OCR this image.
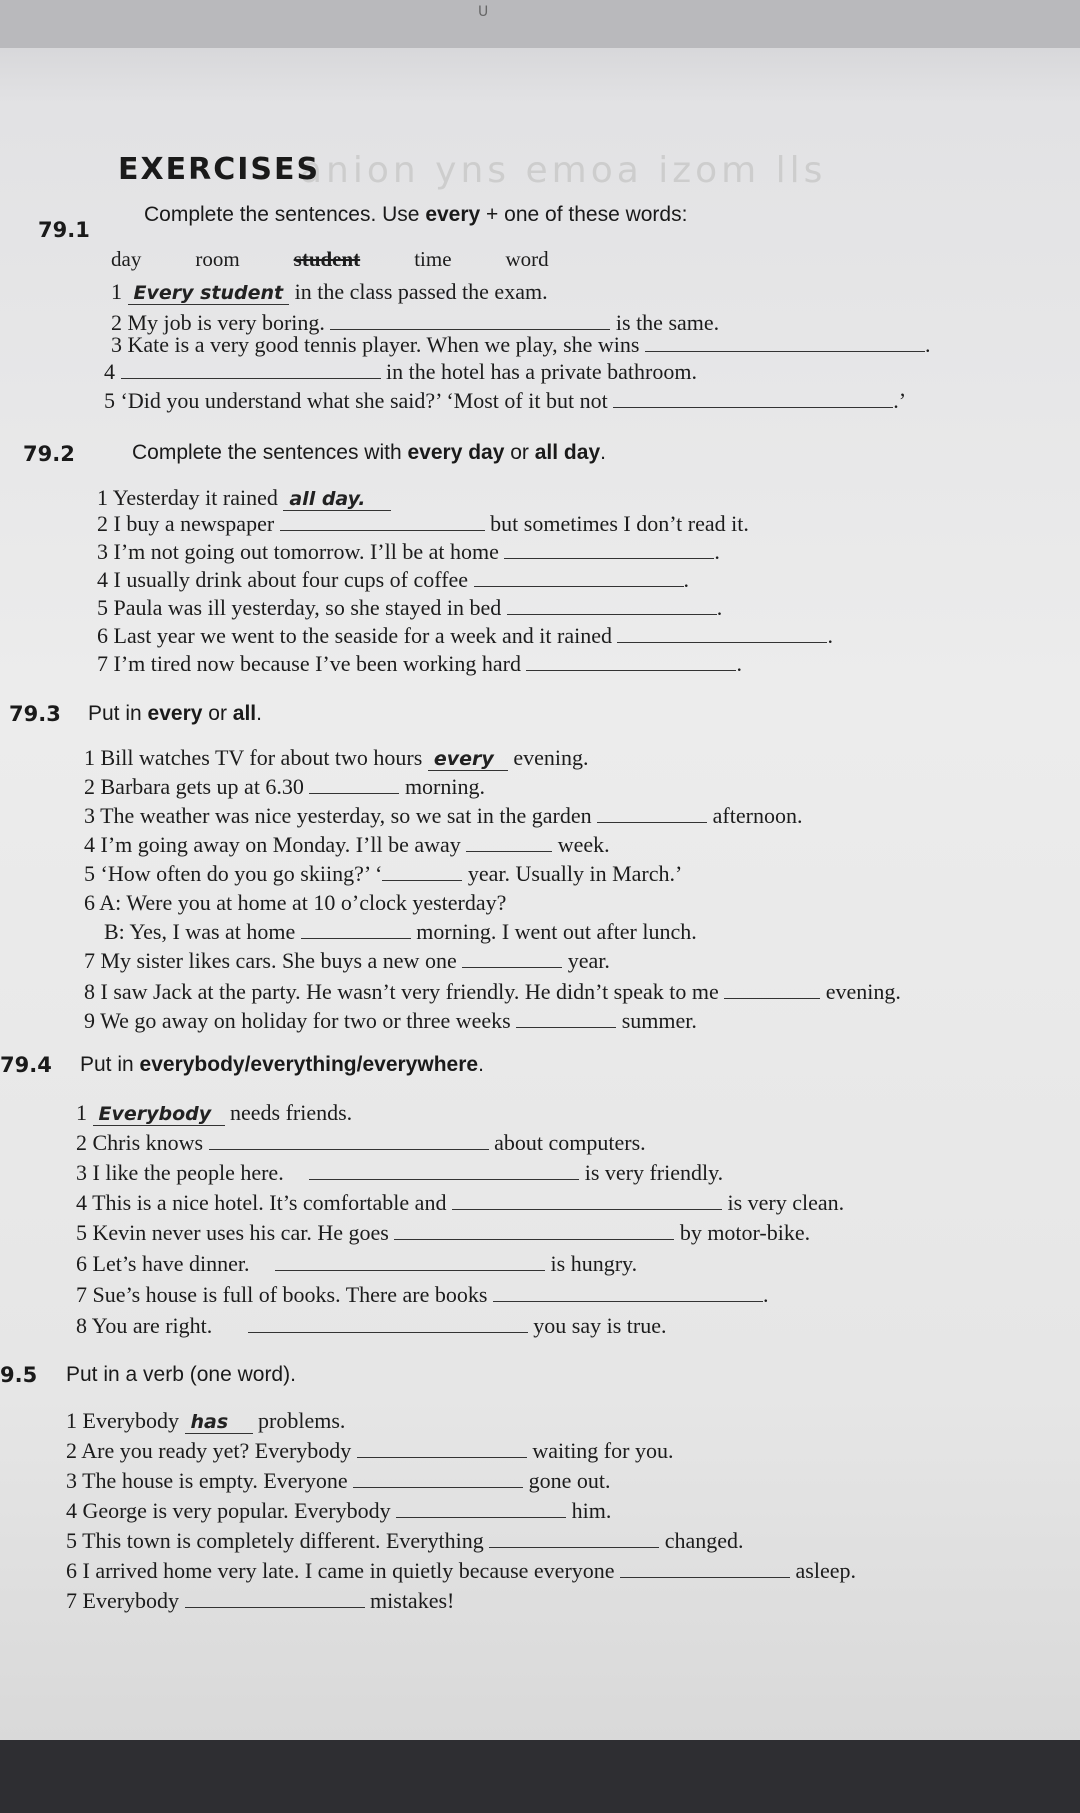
U
anion yns emoa izom lls
EXERCISES
79.1
Complete the sentences. Use every + one of these words:
day	room	student	time	word
1 Every student in the class passed the exam.
2 My job is very boring.	is the same.
3 Kate is a very good tennis player. When we play, she wins	.
4	in the hotel has a private bathroom.
5 ‘Did you understand what she said?’ ‘Most of it but not	.’
79.2	Complete the sentences with every day or all day.
1 Yesterday it rained all day.
2 I buy a newspaper	but sometimes I don’t read it.
3 I’m not going out tomorrow. I’ll be at home	.
4 I usually drink about four cups of coffee	.
5 Paula was ill yesterday, so she stayed in bed	.
6 Last year we went to the seaside for a week and it rained	.
7 I’m tired now because I’ve been working hard	.
79.3 Put in every or all.
1 Bill watches TV for about two hours every evening.
2 Barbara gets up at 6.30	morning.
3 The weather was nice yesterday, so we sat in the garden	afternoon.
4 I’m going away on Monday. I’ll be away	week.
5 ‘How often do you go skiing?’ ‘	year. Usually in March.’
6 A: Were you at home at 10 o’clock yesterday?
B: Yes, I was at home	morning. I went out after lunch.
7 My sister likes cars. She buys a new one	year.
8 I saw Jack at the party. He wasn’t very friendly. He didn’t speak to me	evening.
9 We go away on holiday for two or three weeks	summer.
79.4 Put in everybody/everything/everywhere.
1 Everybody needs friends.
2 Chris knows	about computers.
3 I like the people here.	is very friendly.
4 This is a nice hotel. It’s comfortable and	is very clean.
5 Kevin never uses his car. He goes	by motor-bike.
6 Let’s have dinner.	is hungry.
7 Sue’s house is full of books. There are books	.
8 You are right.	you say is true.
9.5 Put in a verb (one word).
1 Everybody has problems.
2 Are you ready yet? Everybody	waiting for you.
3 The house is empty. Everyone	gone out.
4 George is very popular. Everybody	him.
5 This town is completely different. Everything	changed.
6 I arrived home very late. I came in quietly because everyone	asleep.
7 Everybody	mistakes!
